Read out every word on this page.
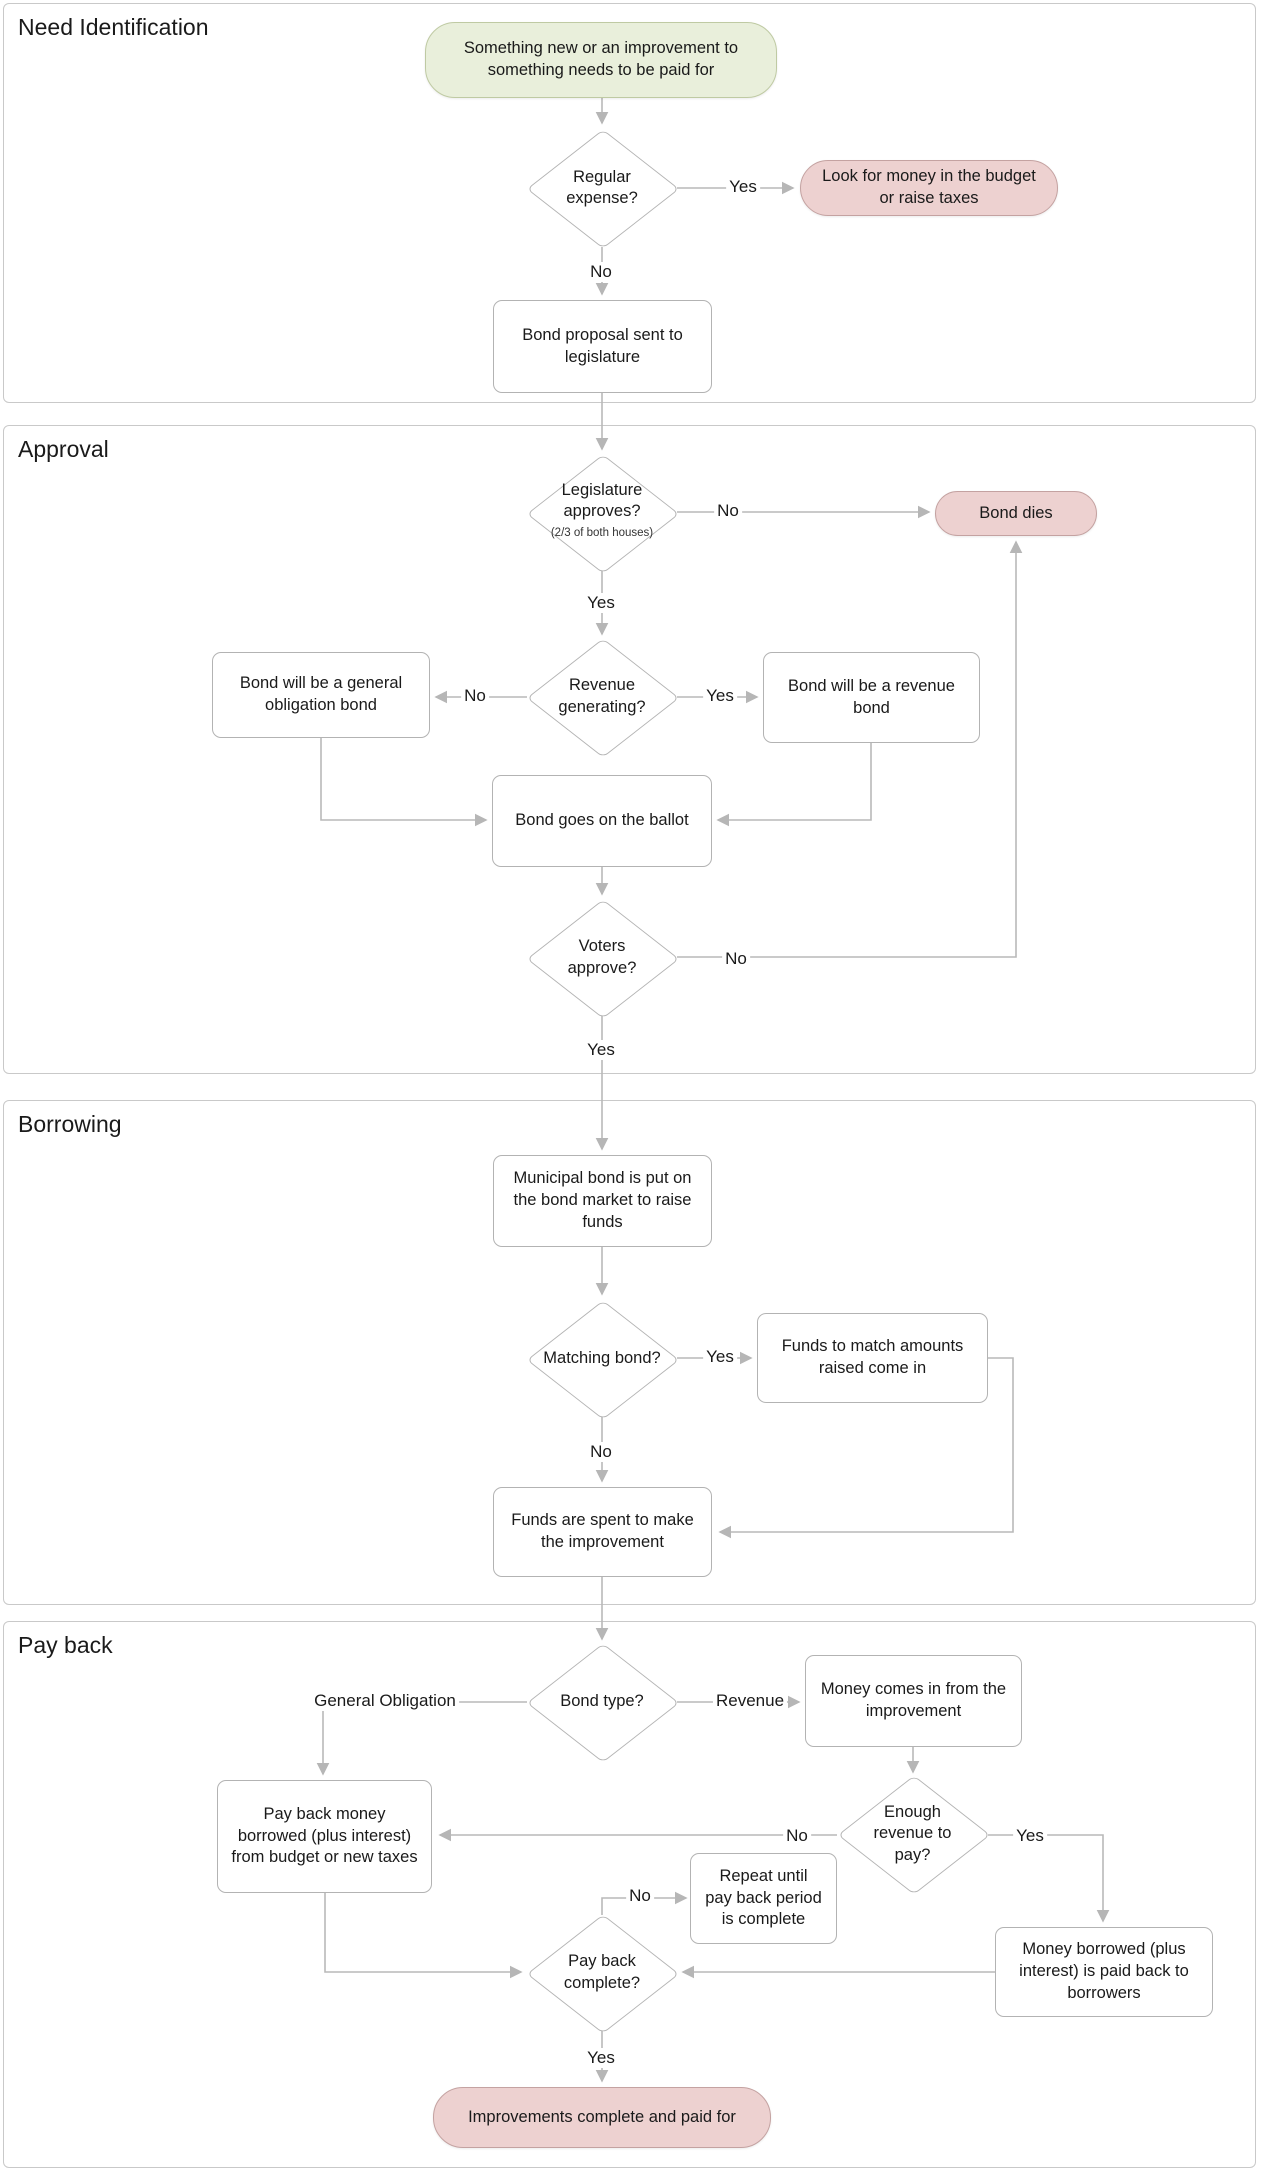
Need Identification
Approval
Borrowing
Pay back
Something new or an improvement to something needs to be paid for
Regular expense?
Look for money in the budget or raise taxes
Bond proposal sent to legislature
Legislature approves?
(2/3 of both houses)
Bond dies
Revenue generating?
Bond will be a general obligation bond
Bond will be a revenue bond
Bond goes on the ballot
Voters approve?
Municipal bond is put on the bond market to raise funds
Matching bond?
Funds to match amounts raised come in
Funds are spent to make the improvement
Bond type?
Money comes in from the improvement
Enough revenue to pay?
Pay back money borrowed (plus interest) from budget or new taxes
Repeat until pay back period is complete
Money borrowed (plus interest) is paid back to borrowers
Pay back complete?
Improvements complete and paid for
Yes
No
No
Yes
No	Yes
No
Yes
Yes
No
General Obligation	Revenue
No	Yes
No
Yes
